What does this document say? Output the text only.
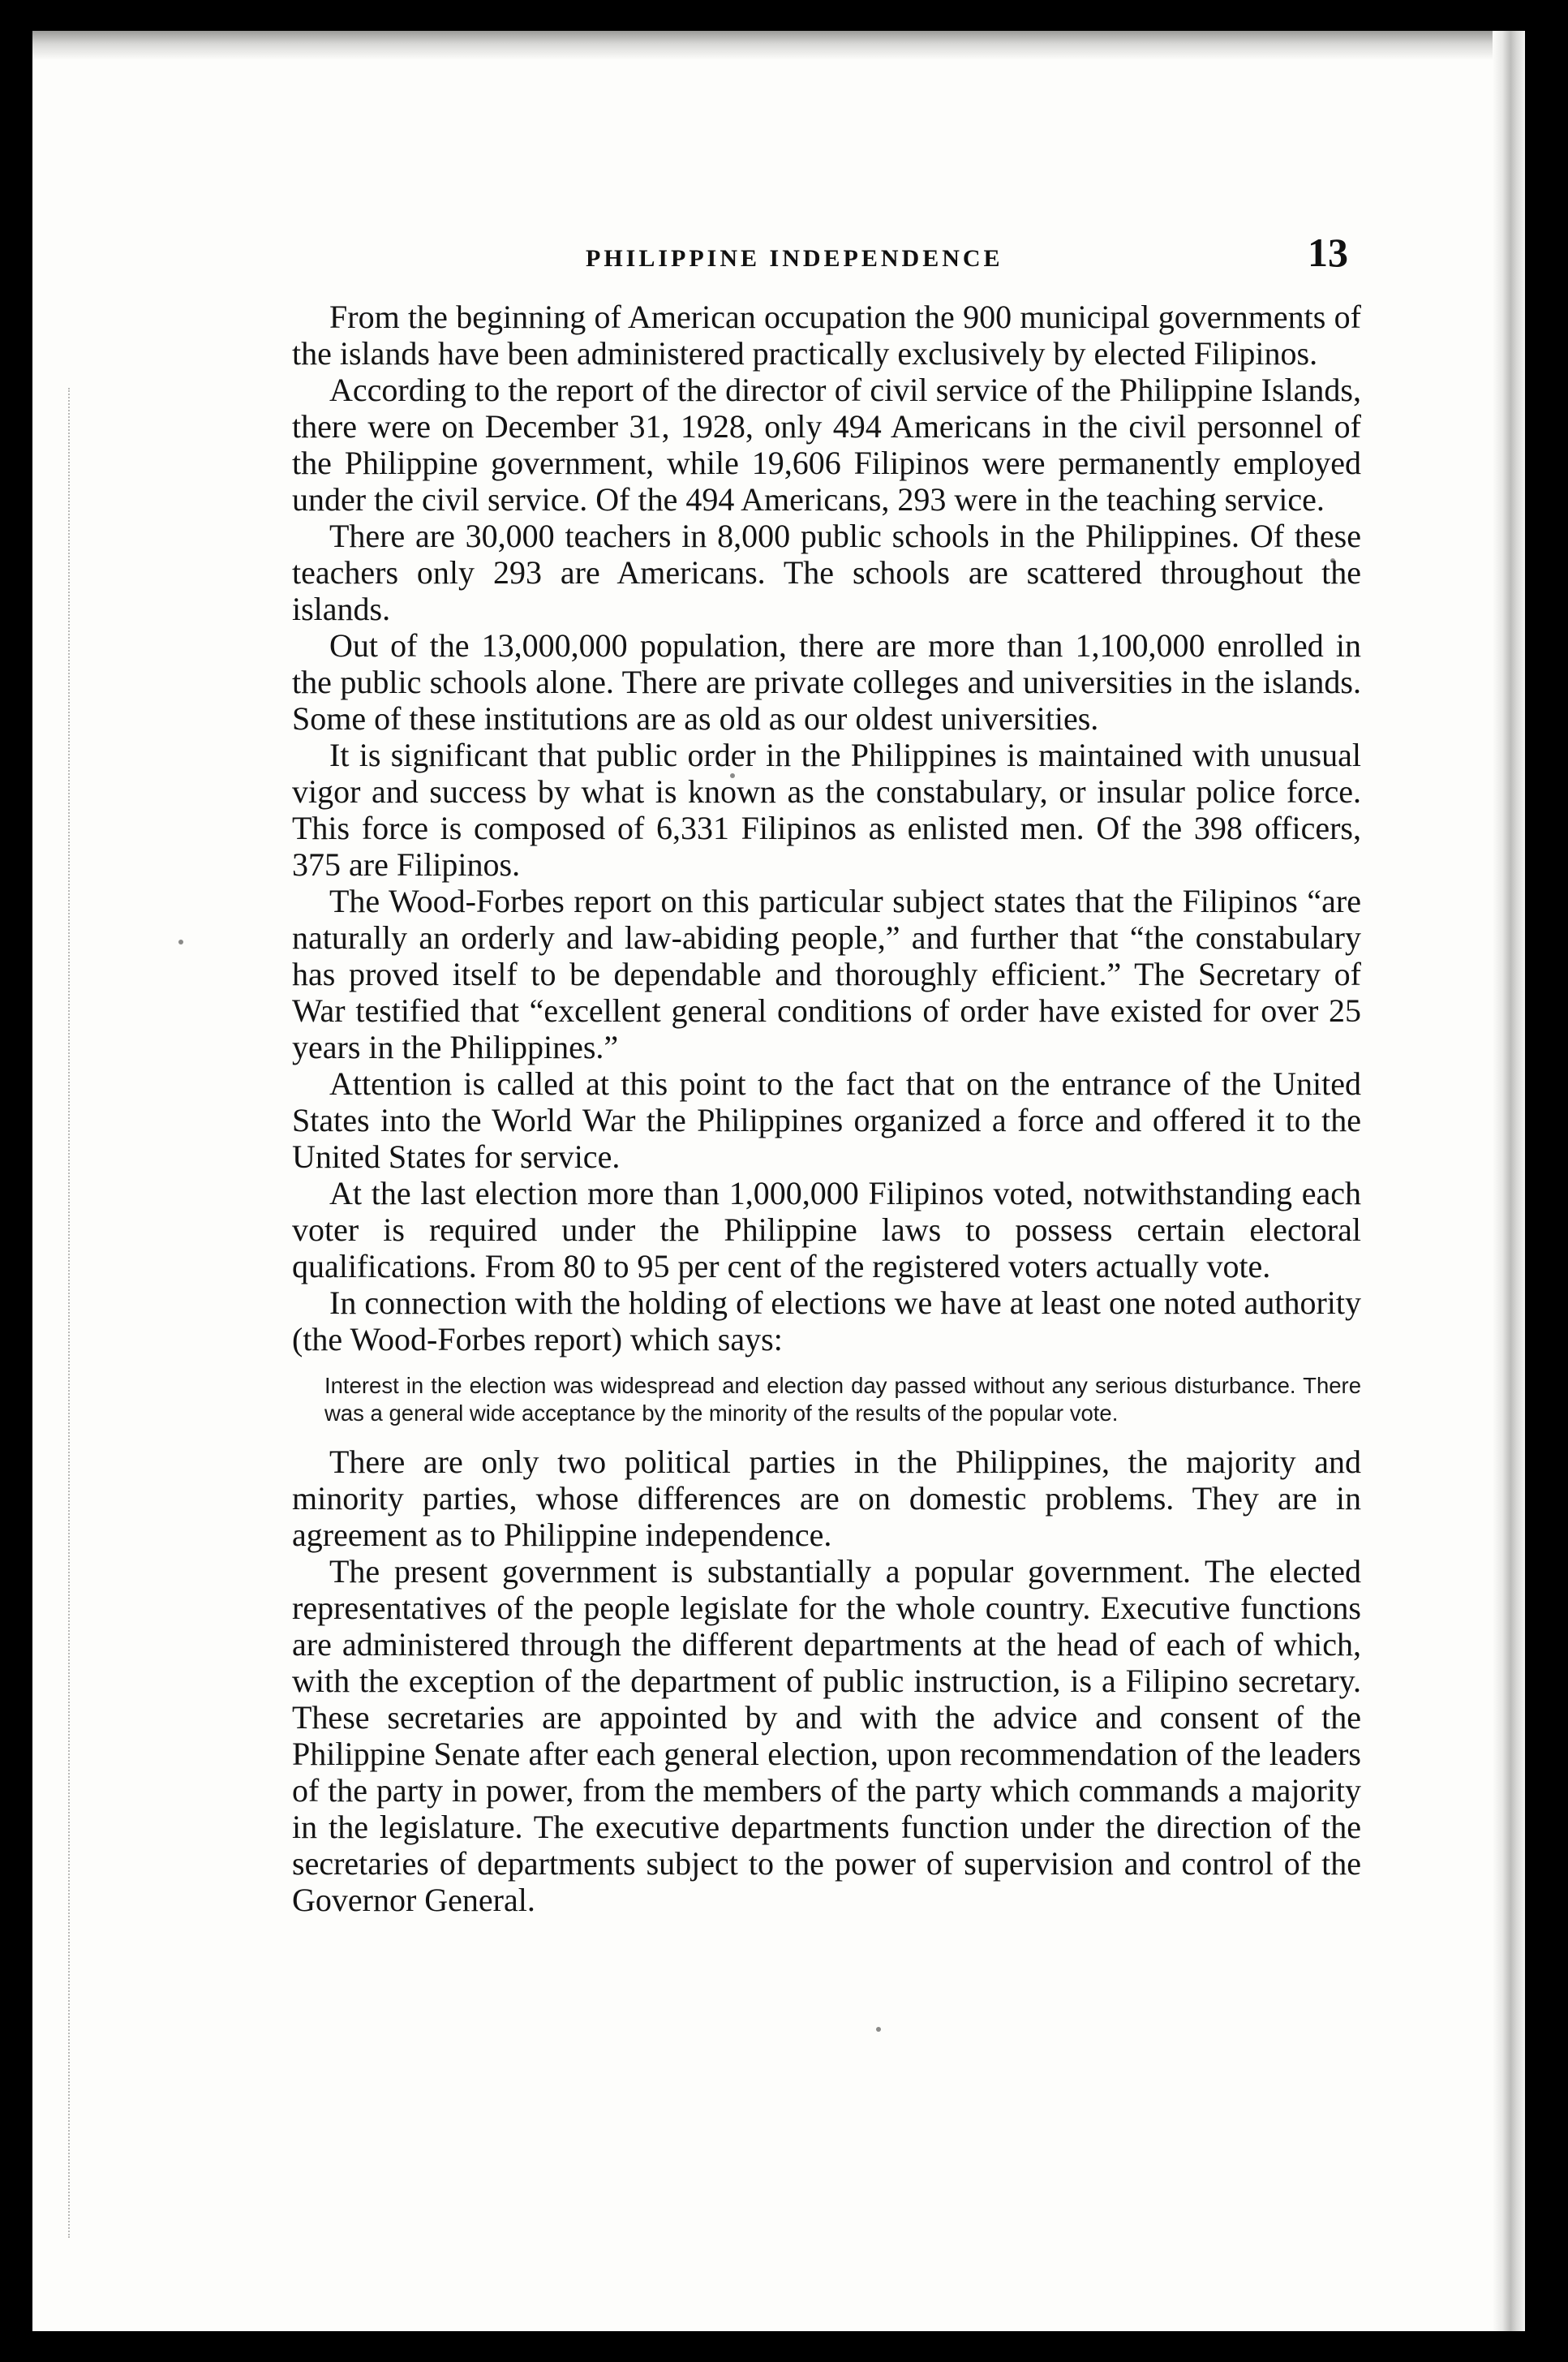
PHILIPPINE INDEPENDENCE	13

From the beginning of American occupation the 900 municipal governments of the islands have been administered practically exclusively by elected Filipinos.

According to the report of the director of civil service of the Philippine Islands, there were on December 31, 1928, only 494 Americans in the civil personnel of the Philippine government, while 19,606 Filipinos were permanently employed under the civil service. Of the 494 Americans, 293 were in the teaching service.

There are 30,000 teachers in 8,000 public schools in the Philippines. Of these teachers only 293 are Americans. The schools are scattered throughout the islands.

Out of the 13,000,000 population, there are more than 1,100,000 enrolled in the public schools alone. There are private colleges and universities in the islands. Some of these institutions are as old as our oldest universities.

It is significant that public order in the Philippines is maintained with unusual vigor and success by what is known as the constabulary, or insular police force. This force is composed of 6,331 Filipinos as enlisted men. Of the 398 officers, 375 are Filipinos.

The Wood-Forbes report on this particular subject states that the Filipinos “are naturally an orderly and law-abiding people,” and further that “the constabulary has proved itself to be dependable and thoroughly efficient.” The Secretary of War testified that “excellent general conditions of order have existed for over 25 years in the Philippines.”

Attention is called at this point to the fact that on the entrance of the United States into the World War the Philippines organized a force and offered it to the United States for service.

At the last election more than 1,000,000 Filipinos voted, notwithstanding each voter is required under the Philippine laws to possess certain electoral qualifications. From 80 to 95 per cent of the registered voters actually vote.

In connection with the holding of elections we have at least one noted authority (the Wood-Forbes report) which says:

Interest in the election was widespread and election day passed without any serious disturbance. There was a general wide acceptance by the minority of the results of the popular vote.

There are only two political parties in the Philippines, the majority and minority parties, whose differences are on domestic problems. They are in agreement as to Philippine independence.

The present government is substantially a popular government. The elected representatives of the people legislate for the whole country. Executive functions are administered through the different departments at the head of each of which, with the exception of the department of public instruction, is a Filipino secretary. These secretaries are appointed by and with the advice and consent of the Philippine Senate after each general election, upon recommendation of the leaders of the party in power, from the members of the party which commands a majority in the legislature. The executive departments function under the direction of the secretaries of departments subject to the power of supervision and control of the Governor General.
